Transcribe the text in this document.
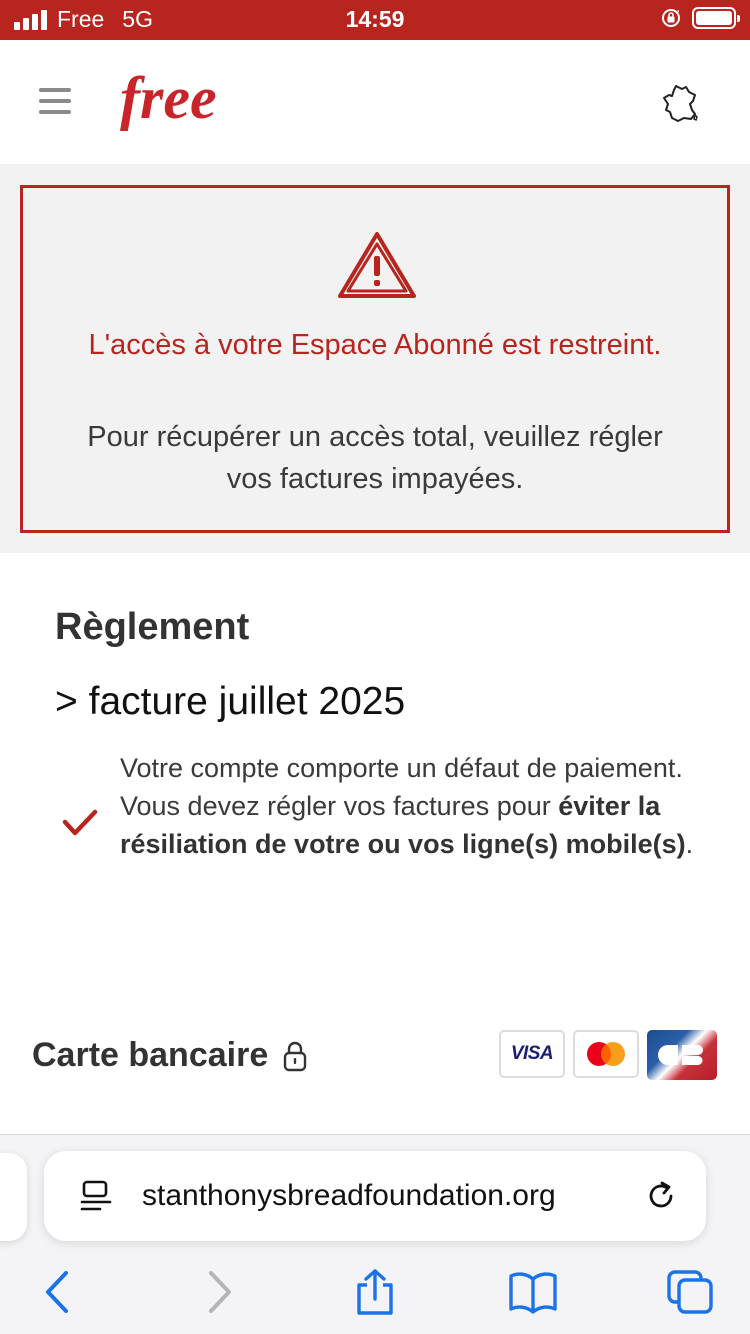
Free 5G	14:59
free
L'accès à votre Espace Abonné est restreint.
Pour récupérer un accès total, veuillez régler vos factures impayées.
Règlement
> facture juillet 2025
Votre compte comporte un défaut de paiement.
Vous devez régler vos factures pour éviter la résiliation de votre ou vos ligne(s) mobile(s).
Carte bancaire	VISA
stanthonysbreadfoundation.org
